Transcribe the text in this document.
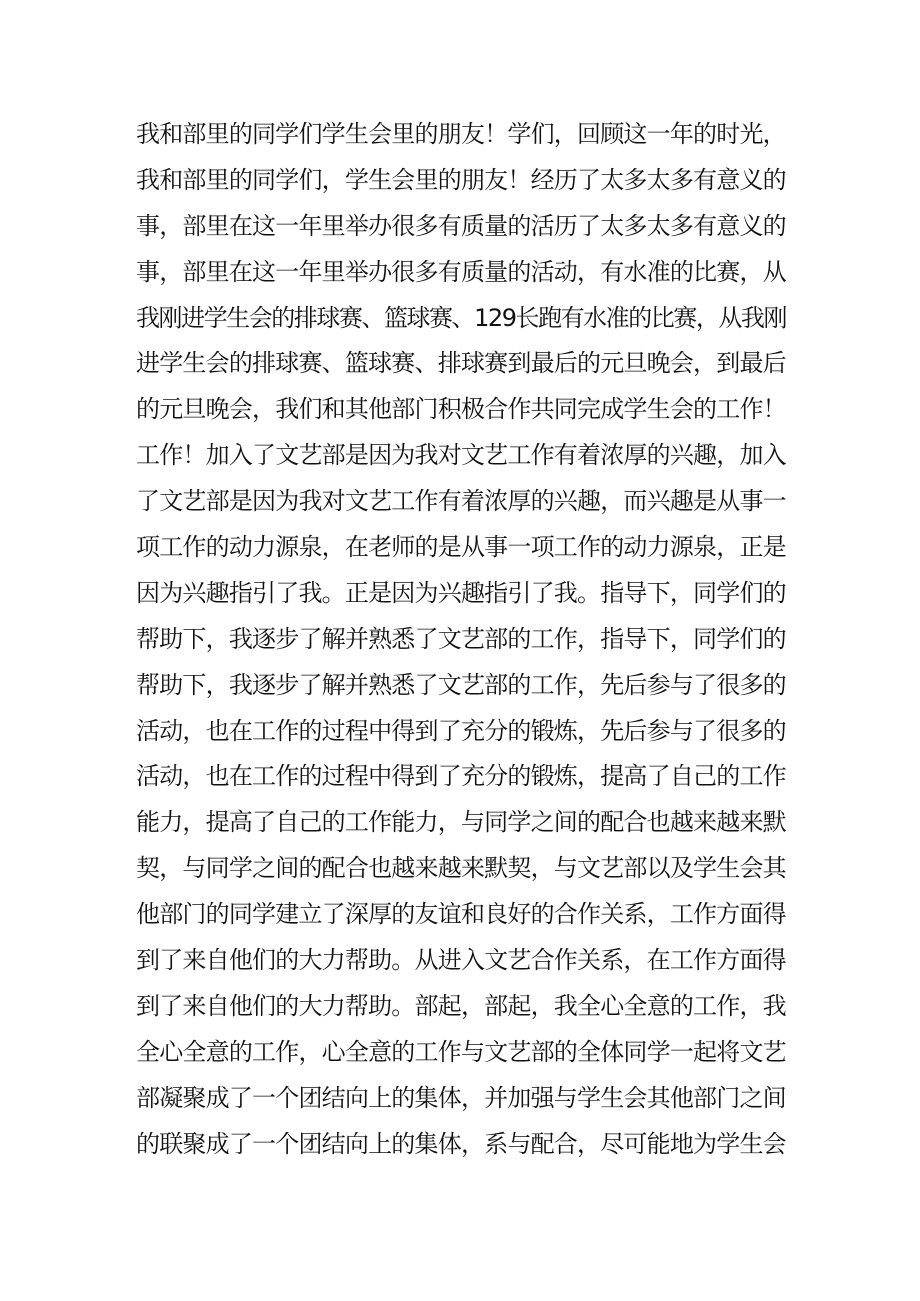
我和部里的同学们学生会里的朋友！学们，回顾这一年的时光，
我和部里的同学们，学生会里的朋友！经历了太多太多有意义的
事，部里在这一年里举办很多有质量的活历了太多太多有意义的
事，部里在这一年里举办很多有质量的活动，有水准的比赛，从
我刚进学生会的排球赛、篮球赛、129长跑有水准的比赛，从我刚
进学生会的排球赛、篮球赛、排球赛到最后的元旦晚会，到最后
的元旦晚会，我们和其他部门积极合作共同完成学生会的工作！
工作！加入了文艺部是因为我对文艺工作有着浓厚的兴趣，加入
了文艺部是因为我对文艺工作有着浓厚的兴趣，而兴趣是从事一
项工作的动力源泉，在老师的是从事一项工作的动力源泉，正是
因为兴趣指引了我。正是因为兴趣指引了我。指导下，同学们的
帮助下，我逐步了解并熟悉了文艺部的工作，指导下，同学们的
帮助下，我逐步了解并熟悉了文艺部的工作，先后参与了很多的
活动，也在工作的过程中得到了充分的锻炼，先后参与了很多的
活动，也在工作的过程中得到了充分的锻炼，提高了自己的工作
能力，提高了自己的工作能力，与同学之间的配合也越来越来默
契，与同学之间的配合也越来越来默契，与文艺部以及学生会其
他部门的同学建立了深厚的友谊和良好的合作关系，工作方面得
到了来自他们的大力帮助。从进入文艺合作关系，在工作方面得
到了来自他们的大力帮助。部起，部起，我全心全意的工作，我
全心全意的工作，心全意的工作与文艺部的全体同学一起将文艺
部凝聚成了一个团结向上的集体，并加强与学生会其他部门之间
的联聚成了一个团结向上的集体，系与配合，尽可能地为学生会
